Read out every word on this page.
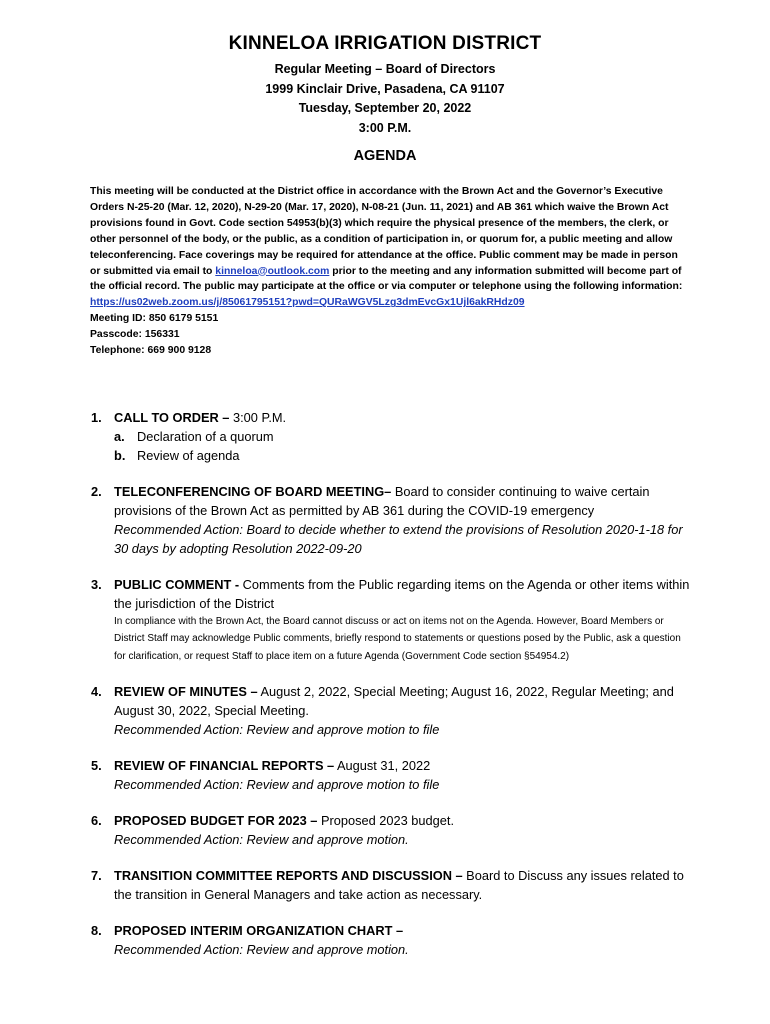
KINNELOA IRRIGATION DISTRICT
Regular Meeting – Board of Directors
1999 Kinclair Drive, Pasadena, CA 91107
Tuesday, September 20, 2022
3:00 P.M.
AGENDA

This meeting will be conducted at the District office in accordance with the Brown Act and the Governor’s Executive Orders N-25-20 (Mar. 12, 2020), N-29-20 (Mar. 17, 2020), N-08-21 (Jun. 11, 2021) and AB 361 which waive the Brown Act provisions found in Govt. Code section 54953(b)(3) which require the physical presence of the members, the clerk, or other personnel of the body, or the public, as a condition of participation in, or quorum for, a public meeting and allow teleconferencing. Face coverings may be required for attendance at the office. Public comment may be made in person or submitted via email to kinneloa@outlook.com prior to the meeting and any information submitted will become part of the official record. The public may participate at the office or via computer or telephone using the following information:

https://us02web.zoom.us/j/85061795151?pwd=QURaWGV5Lzg3dmEvcGx1Ujl6akRHdz09

Meeting ID: 850 6179 5151

Passcode: 156331

Telephone: 669 900 9128

1. CALL TO ORDER – 3:00 P.M.
a. Declaration of a quorum
b. Review of agenda
2. TELECONFERENCING OF BOARD MEETING– Board to consider continuing to waive certain provisions of the Brown Act as permitted by AB 361 during the COVID-19 emergency
Recommended Action: Board to decide whether to extend the provisions of Resolution 2020-1-18 for 30 days by adopting Resolution 2022-09-20
3. PUBLIC COMMENT - Comments from the Public regarding items on the Agenda or other items within the jurisdiction of the District
In compliance with the Brown Act, the Board cannot discuss or act on items not on the Agenda. However, Board Members or District Staff may acknowledge Public comments, briefly respond to statements or questions posed by the Public, ask a question for clarification, or request Staff to place item on a future Agenda (Government Code section §54954.2)
4. REVIEW OF MINUTES – August 2, 2022, Special Meeting; August 16, 2022, Regular Meeting; and August 30, 2022, Special Meeting.
Recommended Action: Review and approve motion to file
5. REVIEW OF FINANCIAL REPORTS – August 31, 2022
Recommended Action: Review and approve motion to file
6. PROPOSED BUDGET FOR 2023 – Proposed 2023 budget.
Recommended Action: Review and approve motion.
7. TRANSITION COMMITTEE REPORTS AND DISCUSSION – Board to Discuss any issues related to the transition in General Managers and take action as necessary.
8. PROPOSED INTERIM ORGANIZATION CHART –
Recommended Action: Review and approve motion.
